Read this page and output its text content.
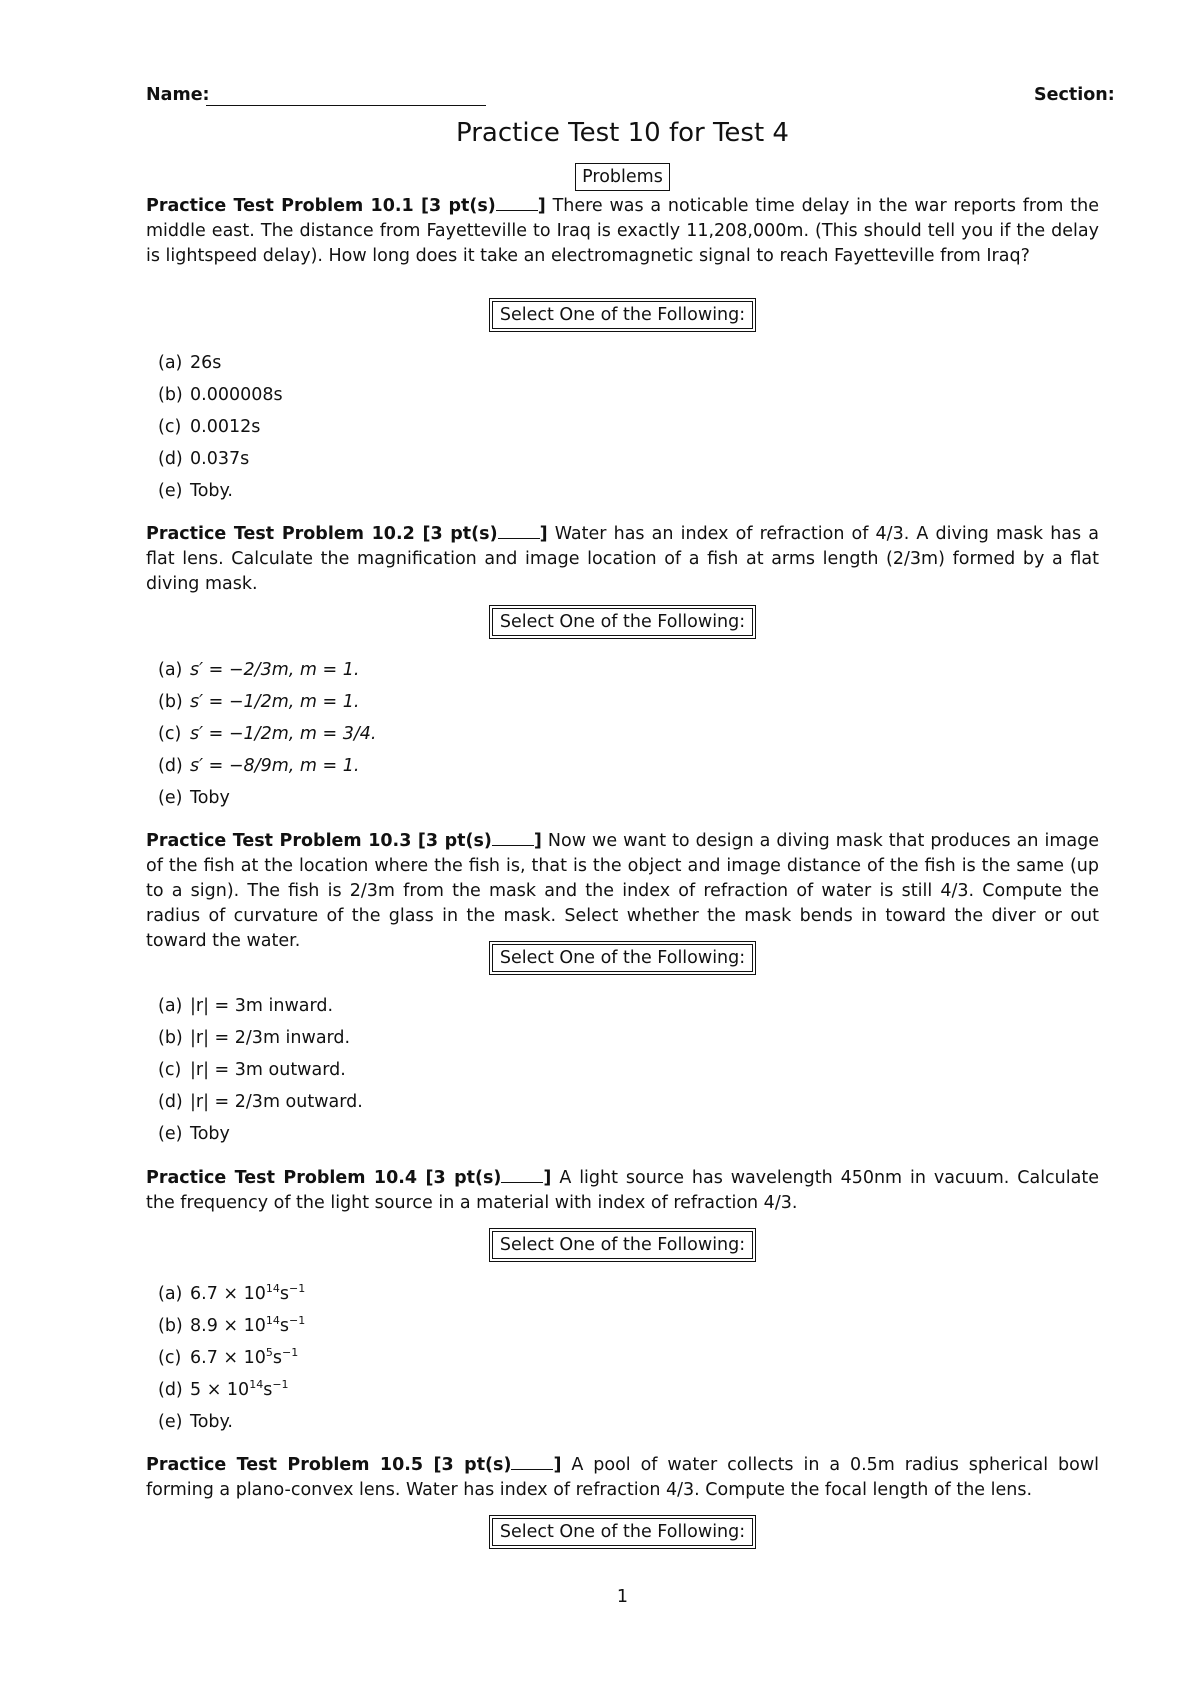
Name:	Section:
Practice Test 10 for Test 4
Problems
Practice Test Problem 10.1 [3 pt(s) ] There was a noticable time delay in the war reports from the middle east. The distance from Fayetteville to Iraq is exactly 11,208,000m. (This should tell you if the delay is lightspeed delay). How long does it take an electromagnetic signal to reach Fayetteville from Iraq?
Select One of the Following:
(a) 26s
(b) 0.000008s
(c) 0.0012s
(d) 0.037s
(e) Toby.
Practice Test Problem 10.2 [3 pt(s) ] Water has an index of refraction of 4/3. A diving mask has a flat lens. Calculate the magnification and image location of a fish at arms length (2/3m) formed by a flat diving mask.
Select One of the Following:
(a) s′ = −2/3m, m = 1.
(b) s′ = −1/2m, m = 1.
(c) s′ = −1/2m, m = 3/4.
(d) s′ = −8/9m, m = 1.
(e) Toby
Practice Test Problem 10.3 [3 pt(s) ] Now we want to design a diving mask that produces an image of the fish at the location where the fish is, that is the object and image distance of the fish is the same (up to a sign). The fish is 2/3m from the mask and the index of refraction of water is still 4/3. Compute the radius of curvature of the glass in the mask. Select whether the mask bends in toward the diver or out toward the water.
Select One of the Following:
(a) |r| = 3m inward.
(b) |r| = 2/3m inward.
(c) |r| = 3m outward.
(d) |r| = 2/3m outward.
(e) Toby
Practice Test Problem 10.4 [3 pt(s) ] A light source has wavelength 450nm in vacuum. Calculate the frequency of the light source in a material with index of refraction 4/3.
Select One of the Following:
(a) $6.7 \times 10^{14}s^{-1}$
(b) $8.9 \times 10^{14}s^{-1}$
(c) $6.7 \times 10^5s^{-1}$
(d) $5 \times 10^{14}s^{-1}$
(e) Toby.
Practice Test Problem 10.5 [3 pt(s) ] A pool of water collects in a 0.5m radius spherical bowl forming a plano-convex lens. Water has index of refraction 4/3. Compute the focal length of the lens.
Select One of the Following:
1
